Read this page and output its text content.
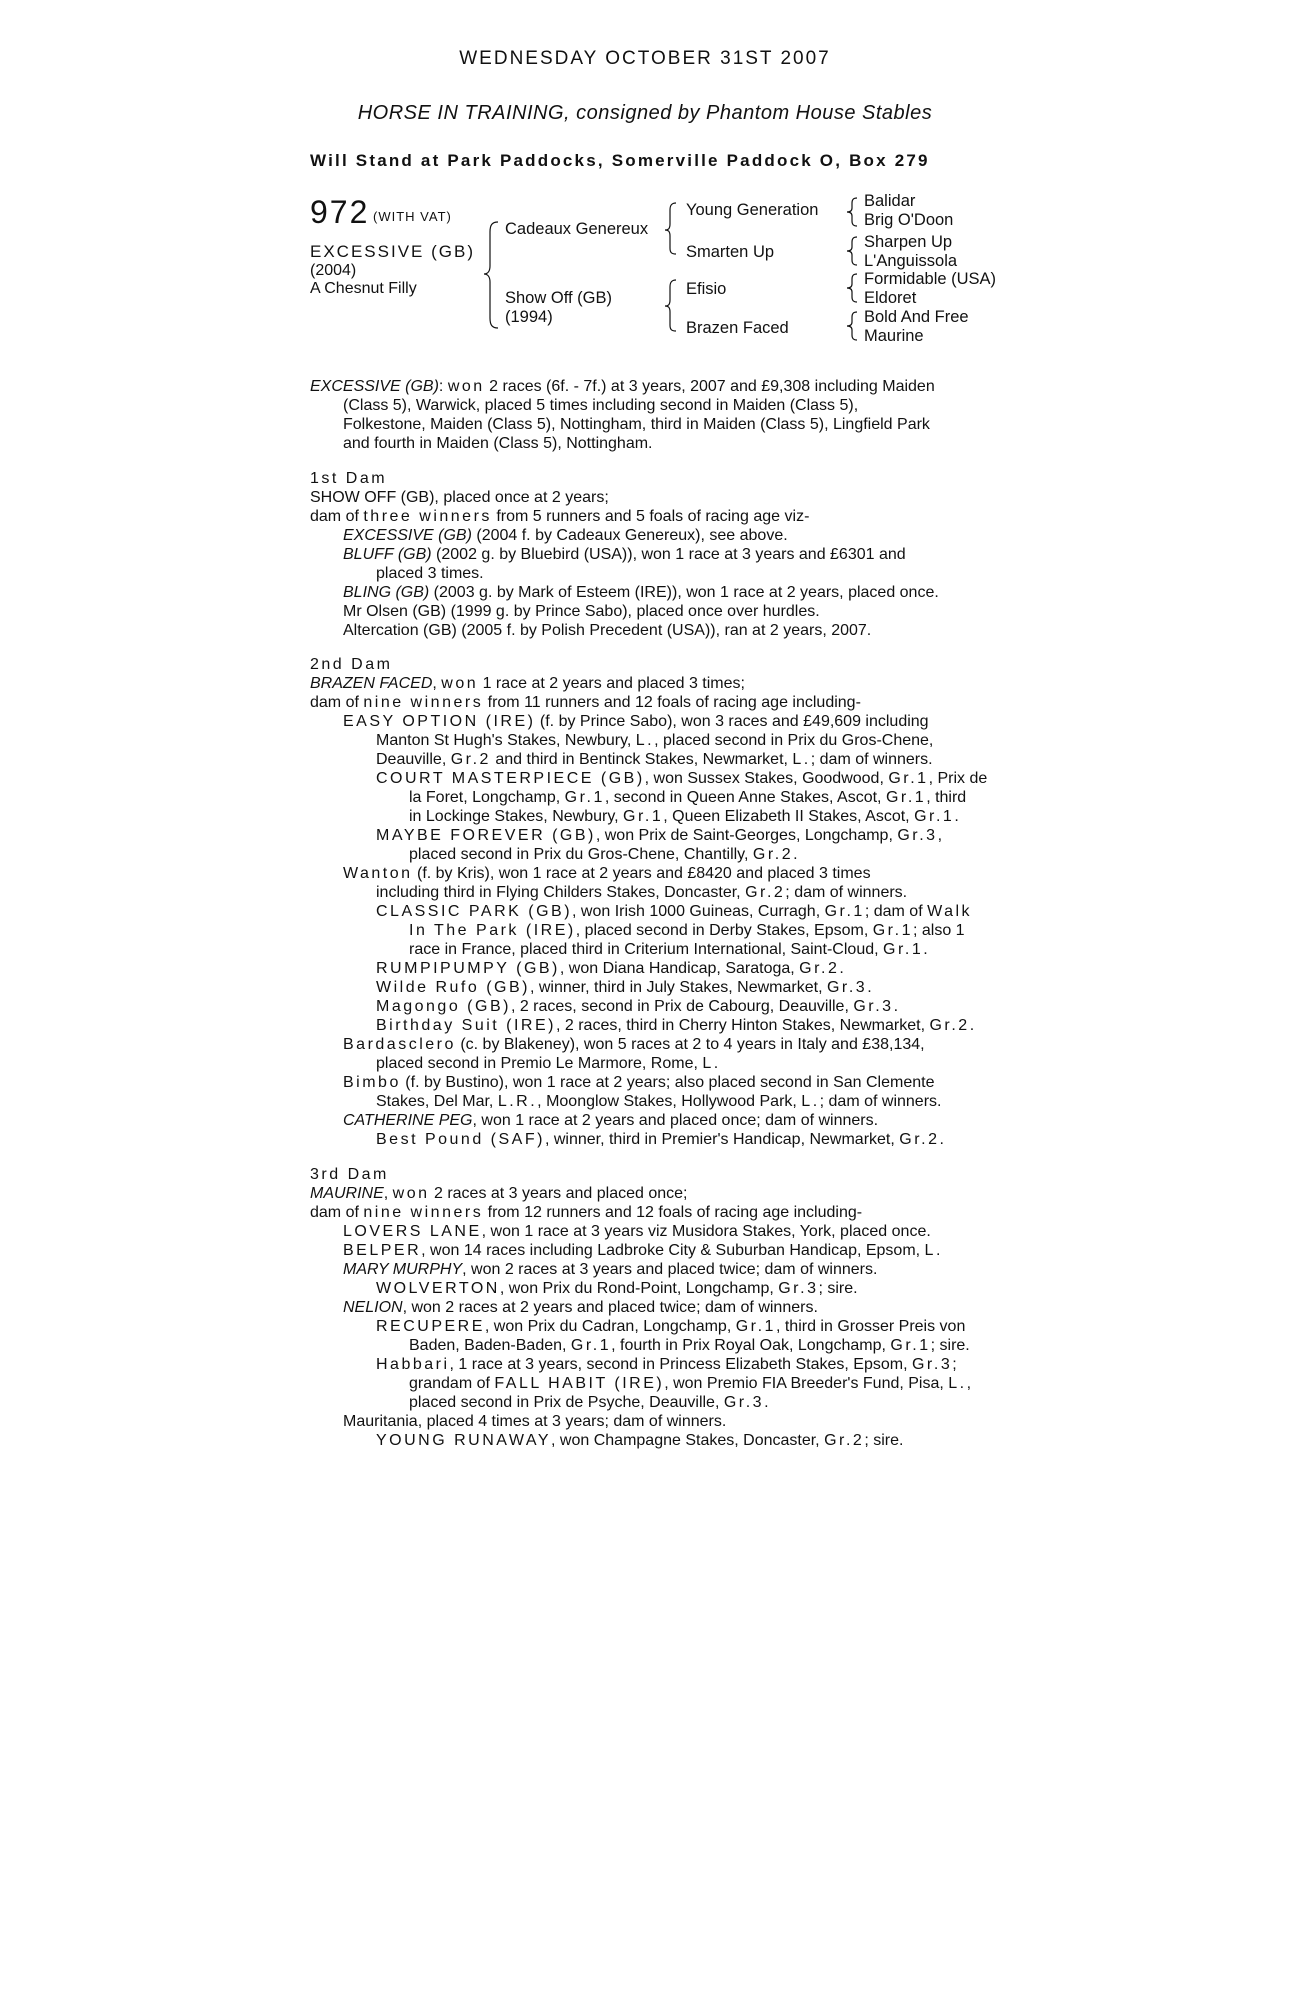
WEDNESDAY OCTOBER 31ST 2007
HORSE IN TRAINING, consigned by Phantom House Stables
Will Stand at Park Paddocks, Somerville Paddock O, Box 279
972 (WITH VAT)
EXCESSIVE (GB)
(2004)
A Chesnut Filly
Cadeaux Genereux
Show Off (GB)
(1994)
Young Generation
Smarten Up
Efisio
Brazen Faced
Balidar
Brig O'Doon
Sharpen Up
L'Anguissola
Formidable (USA)
Eldoret
Bold And Free
Maurine
EXCESSIVE (GB): won 2 races (6f. - 7f.) at 3 years, 2007 and £9,308 including Maiden
(Class 5), Warwick, placed 5 times including second in Maiden (Class 5),
Folkestone, Maiden (Class 5), Nottingham, third in Maiden (Class 5), Lingfield Park
and fourth in Maiden (Class 5), Nottingham.
1st Dam
SHOW OFF (GB), placed once at 2 years;
dam of three winners from 5 runners and 5 foals of racing age viz-
EXCESSIVE (GB) (2004 f. by Cadeaux Genereux), see above.
BLUFF (GB) (2002 g. by Bluebird (USA)), won 1 race at 3 years and £6301 and
placed 3 times.
BLING (GB) (2003 g. by Mark of Esteem (IRE)), won 1 race at 2 years, placed once.
Mr Olsen (GB) (1999 g. by Prince Sabo), placed once over hurdles.
Altercation (GB) (2005 f. by Polish Precedent (USA)), ran at 2 years, 2007.
2nd Dam
BRAZEN FACED, won 1 race at 2 years and placed 3 times;
dam of nine winners from 11 runners and 12 foals of racing age including-
EASY OPTION (IRE) (f. by Prince Sabo), won 3 races and £49,609 including
Manton St Hugh's Stakes, Newbury, L., placed second in Prix du Gros-Chene,
Deauville, Gr.2 and third in Bentinck Stakes, Newmarket, L.; dam of winners.
COURT MASTERPIECE (GB), won Sussex Stakes, Goodwood, Gr.1, Prix de
la Foret, Longchamp, Gr.1, second in Queen Anne Stakes, Ascot, Gr.1, third
in Lockinge Stakes, Newbury, Gr.1, Queen Elizabeth II Stakes, Ascot, Gr.1.
MAYBE FOREVER (GB), won Prix de Saint-Georges, Longchamp, Gr.3,
placed second in Prix du Gros-Chene, Chantilly, Gr.2.
Wanton (f. by Kris), won 1 race at 2 years and £8420 and placed 3 times
including third in Flying Childers Stakes, Doncaster, Gr.2; dam of winners.
CLASSIC PARK (GB), won Irish 1000 Guineas, Curragh, Gr.1; dam of Walk
In The Park (IRE), placed second in Derby Stakes, Epsom, Gr.1; also 1
race in France, placed third in Criterium International, Saint-Cloud, Gr.1.
RUMPIPUMPY (GB), won Diana Handicap, Saratoga, Gr.2.
Wilde Rufo (GB), winner, third in July Stakes, Newmarket, Gr.3.
Magongo (GB), 2 races, second in Prix de Cabourg, Deauville, Gr.3.
Birthday Suit (IRE), 2 races, third in Cherry Hinton Stakes, Newmarket, Gr.2.
Bardasclero (c. by Blakeney), won 5 races at 2 to 4 years in Italy and £38,134,
placed second in Premio Le Marmore, Rome, L.
Bimbo (f. by Bustino), won 1 race at 2 years; also placed second in San Clemente
Stakes, Del Mar, L.R., Moonglow Stakes, Hollywood Park, L.; dam of winners.
CATHERINE PEG, won 1 race at 2 years and placed once; dam of winners.
Best Pound (SAF), winner, third in Premier's Handicap, Newmarket, Gr.2.
3rd Dam
MAURINE, won 2 races at 3 years and placed once;
dam of nine winners from 12 runners and 12 foals of racing age including-
LOVERS LANE, won 1 race at 3 years viz Musidora Stakes, York, placed once.
BELPER, won 14 races including Ladbroke City & Suburban Handicap, Epsom, L.
MARY MURPHY, won 2 races at 3 years and placed twice; dam of winners.
WOLVERTON, won Prix du Rond-Point, Longchamp, Gr.3; sire.
NELION, won 2 races at 2 years and placed twice; dam of winners.
RECUPERE, won Prix du Cadran, Longchamp, Gr.1, third in Grosser Preis von
Baden, Baden-Baden, Gr.1, fourth in Prix Royal Oak, Longchamp, Gr.1; sire.
Habbari, 1 race at 3 years, second in Princess Elizabeth Stakes, Epsom, Gr.3;
grandam of FALL HABIT (IRE), won Premio FIA Breeder's Fund, Pisa, L.,
placed second in Prix de Psyche, Deauville, Gr.3.
Mauritania, placed 4 times at 3 years; dam of winners.
YOUNG RUNAWAY, won Champagne Stakes, Doncaster, Gr.2; sire.
